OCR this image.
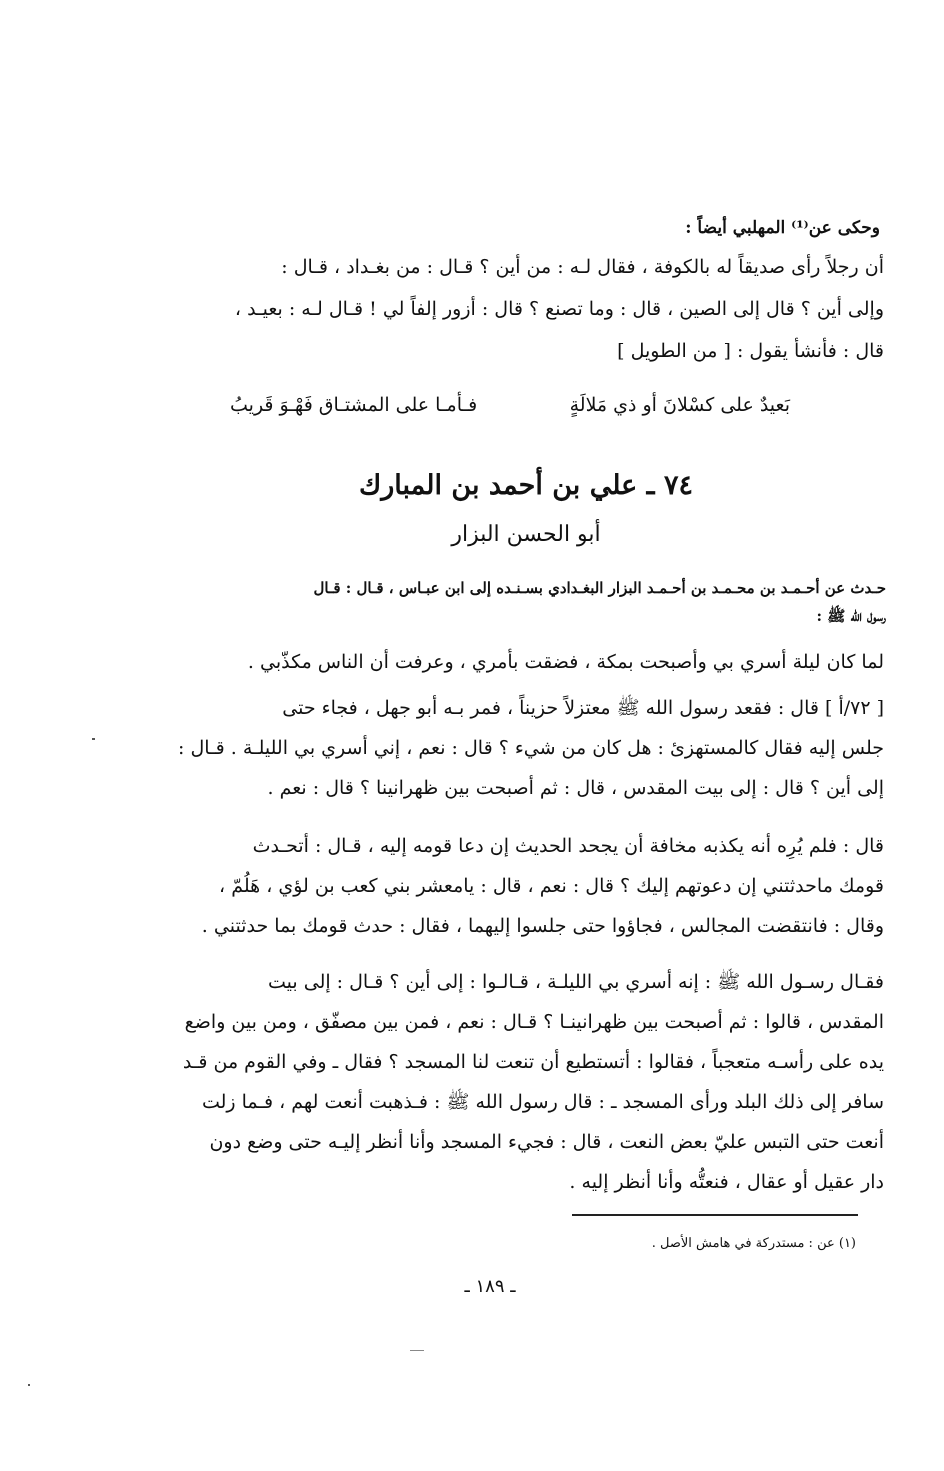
وحكى عن⁽¹⁾ المهلبي أيضاً :
أن رجلاً رأى صديقاً له بالكوفة ، فقال لـه : من أين ؟ قـال : من بغـداد ، قـال :
وإلى أين ؟ قال إلى الصين ، قال : وما تصنع ؟ قال : أزور إلفاً لي ! قـال لـه : بعيـد ،
قال : فأنشأ يقول : [ من الطويل ]
بَعيدٌ على كسْلانَ أو ذي مَلالَةٍ
فـأمـا على المشتـاق فَهْـوَ قَريبُ
٧٤ ـ علي بن أحمد بن المبارك
أبو الحسن البزار
حـدث عن أحـمـد بن محـمـد بن أحـمـد البزار البغـدادي بسـنـده إلى ابن عبـاس ، قـال : قـال
رسول الله ﷺ :
لما كان ليلة أسري بي وأصبحت بمكة ، فضقت بأمري ، وعرفت أن الناس مكذّبي .
[ ٧٢/أ ] قال : فقعد رسول الله ﷺ معتزلاً حزيناً ، فمر بـه أبو جهل ، فجاء حتى
جلس إليه فقال كالمستهزئ : هل كان من شيء ؟ قال : نعم ، إني أسري بي الليلـة . قـال :
إلى أين ؟ قال : إلى بيت المقدس ، قال : ثم أصبحت بين ظهرانينا ؟ قال : نعم .
قال : فلم يُرِه أنه يكذبه مخافة أن يجحد الحديث إن دعا قومه إليه ، قـال : أتحـدث
قومك ماحدثتني إن دعوتهم إليك ؟ قال : نعم ، قال : يامعشر بني كعب بن لؤي ، هَلُمّ ،
وقال : فانتقضت المجالس ، فجاؤوا حتى جلسوا إليهما ، فقال : حدث قومك بما حدثتني .
فقـال رسـول الله ﷺ : إنه أسري بي الليلـة ، قـالـوا : إلى أين ؟ قـال : إلى بيت
المقدس ، قالوا : ثم أصبحت بين ظهرانينـا ؟ قـال : نعم ، فمن بين مصفّق ، ومن بين واضع
يده على رأسـه متعجباً ، فقالوا : أتستطيع أن تنعت لنا المسجد ؟ فقال ـ وفي القوم من قـد
سافر إلى ذلك البلد ورأى المسجد ـ : قال رسول الله ﷺ : فـذهبت أنعت لهم ، فـما زلت
أنعت حتى التبس عليّ بعض النعت ، قال : فجيء المسجد وأنا أنظر إليـه حتى وضع دون
دار عقيل أو عقال ، فنعتُّه وأنا أنظر إليه .
(١) عن : مستدركة في هامش الأصل .
ـ ١٨٩ ـ
